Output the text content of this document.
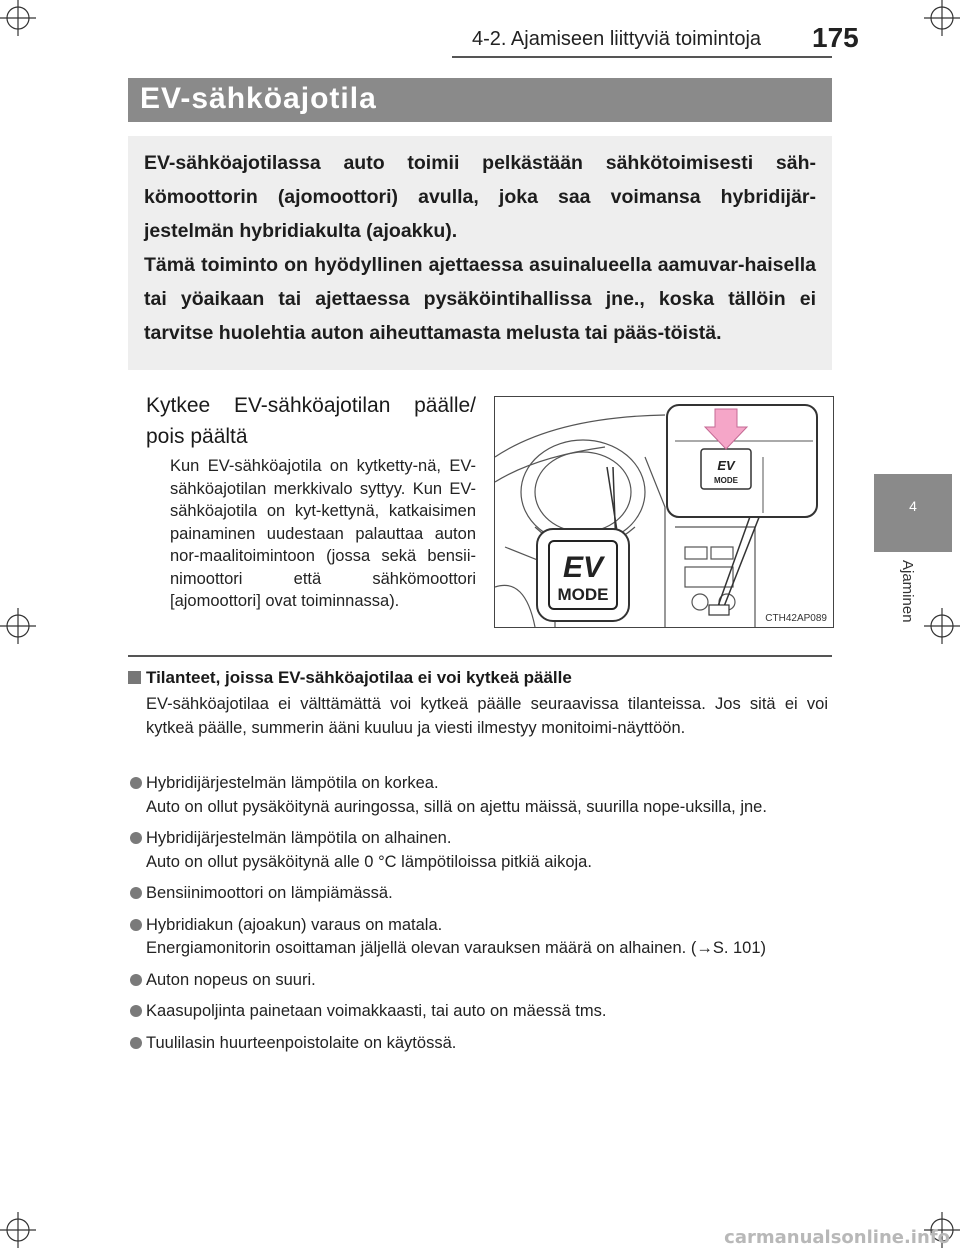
4-2. Ajamiseen liittyviä toimintoja 175
EV-sähköajotila

EV-sähköajotilassa auto toimii pelkästään sähkötoimisesti säh-kömoottorin (ajomoottori) avulla, joka saa voimansa hybridijär-jestelmän hybridiakulta (ajoakku).

Tämä toiminto on hyödyllinen ajettaessa asuinalueella aamuvar-haisella tai yöaikaan tai ajettaessa pysäköintihallissa jne., koska tällöin ei tarvitse huolehtia auton aiheuttamasta melusta tai pääs-töistä.

4
Ajaminen
Kytkee EV-sähköajotilan päälle/ pois päältä
Kun EV-sähköajotila on kytketty-nä, EV-sähköajotilan merkkivalo syttyy. Kun EV-sähköajotila on kyt-kettynä, katkaisimen painaminen uudestaan palauttaa auton nor-maalitoimintoon (jossa sekä bensii-nimoottori että sähkömoottori [ajomoottori] ovat toiminnassa).
EV
MODE
EV
MODE
CTH42AP089
Tilanteet, joissa EV-sähköajotilaa ei voi kytkeä päälle
EV-sähköajotilaa ei välttämättä voi kytkeä päälle seuraavissa tilanteissa. Jos sitä ei voi kytkeä päälle, summerin ääni kuuluu ja viesti ilmestyy monitoimi-näyttöön.
Hybridijärjestelmän lämpötila on korkea.
Auto on ollut pysäköitynä auringossa, sillä on ajettu mäissä, suurilla nope-uksilla, jne.
Hybridijärjestelmän lämpötila on alhainen.
Auto on ollut pysäköitynä alle 0 °C lämpötiloissa pitkiä aikoja.
Bensiinimoottori on lämpiämässä.
Hybridiakun (ajoakun) varaus on matala.
Energiamonitorin osoittaman jäljellä olevan varauksen määrä on alhainen. (→S. 101)
Auton nopeus on suuri.
Kaasupoljinta painetaan voimakkaasti, tai auto on mäessä tms.
Tuulilasin huurteenpoistolaite on käytössä.
carmanualsonline.info
